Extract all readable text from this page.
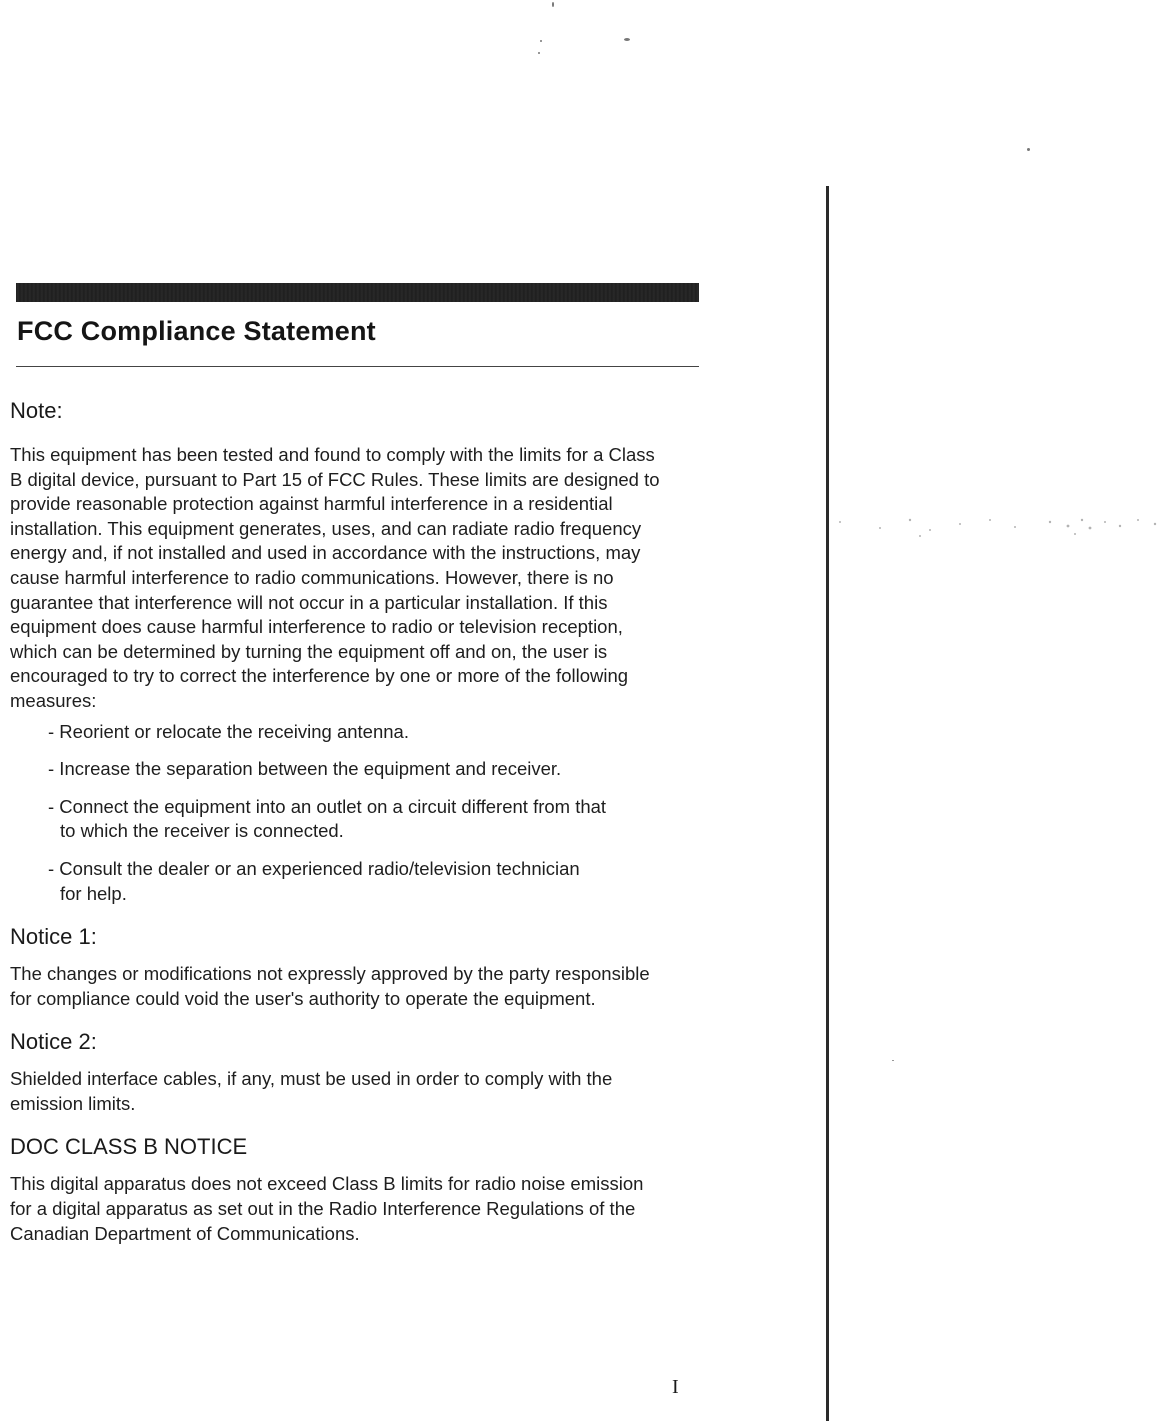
FCC Compliance Statement
Note:

This equipment has been tested and found to comply with the limits for a Class B digital device, pursuant to Part 15 of FCC Rules. These limits are designed to provide reasonable protection against harmful interference in a residential installation. This equipment generates, uses, and can radiate radio frequency energy and, if not installed and used in accordance with the instructions, may cause harmful interference to radio communications. However, there is no guarantee that interference will not occur in a particular installation. If this equipment does cause harmful interference to radio or television reception, which can be determined by turning the equipment off and on, the user is encouraged to try to correct the interference by one or more of the following measures:

- Reorient or relocate the receiving antenna.
- Increase the separation between the equipment and receiver.
- Connect the equipment into an outlet on a circuit different from that to which the receiver is connected.
- Consult the dealer or an experienced radio/television technician for help.
Notice 1:

The changes or modifications not expressly approved by the party responsible for compliance could void the user's authority to operate the equipment.

Notice 2:

Shielded interface cables, if any, must be used in order to comply with the emission limits.

DOC CLASS B NOTICE

This digital apparatus does not exceed Class B limits for radio noise emission for a digital apparatus as set out in the Radio Interference Regulations of the Canadian Department of Communications.

I
